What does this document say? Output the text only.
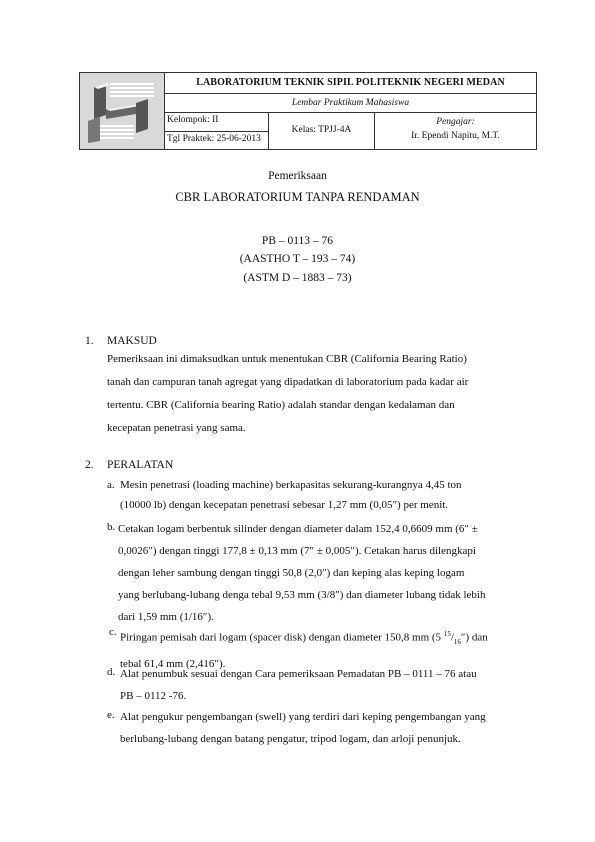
LABORATORIUM TEKNIK SIPIL POLITEKNIK NEGERI MEDAN
Lembar Praktikum Mahasiswa
Kelompok: II
Tgl Praktek: 25-06-2013
Kelas: TPJJ-4A
Pengajar:
Ir. Ependi Napitu, M.T.
Pemeriksaan
CBR LABORATORIUM TANPA RENDAMAN
PB – 0113 – 76
(AASTHO T – 193 – 74)
(ASTM D – 1883 – 73)
1. MAKSUD
Pemeriksaan ini dimaksudkan untuk menentukan CBR (California Bearing Ratio)
tanah dan campuran tanah agregat yang dipadatkan di laboratorium pada kadar air
tertentu. CBR (California bearing Ratio) adalah standar dengan kedalaman dan
kecepatan penetrasi yang sama.
2. PERALATAN
a. Mesin penetrasi (loading machine) berkapasitas sekurang-kurangnya 4,45 ton
(10000 lb) dengan kecepatan penetrasi sebesar 1,27 mm (0,05″) per menit.
b. Cetakan logam berbentuk silinder dengan diameter dalam 152,4 0,6609 mm (6″ ±
0,0026″) dengan tinggi 177,8 ± 0,13 mm (7″ ± 0,005″). Cetakan harus dilengkapi
dengan leher sambung dengan tinggi 50,8 (2,0″) dan keping alas keping logam
yang berlubang-lubang denga tebal 9,53 mm (3/8″) dan diameter lubang tidak lebih
dari 1,59 mm (1/16″).
c. Piringan pemisah dari logam (spacer disk) dengan diameter 150,8 mm (5 $^{15}/_{16}''$) dan
tebal 61,4 mm (2,416″).
d. Alat penumbuk sesuai dengan Cara pemeriksaan Pemadatan PB – 0111 – 76 atau
PB – 0112 -76.
e. Alat pengukur pengembangan (swell) yang terdiri dari keping pengembangan yang
berlubang-lubang dengan batang pengatur, tripod logam, dan arloji penunjuk.
